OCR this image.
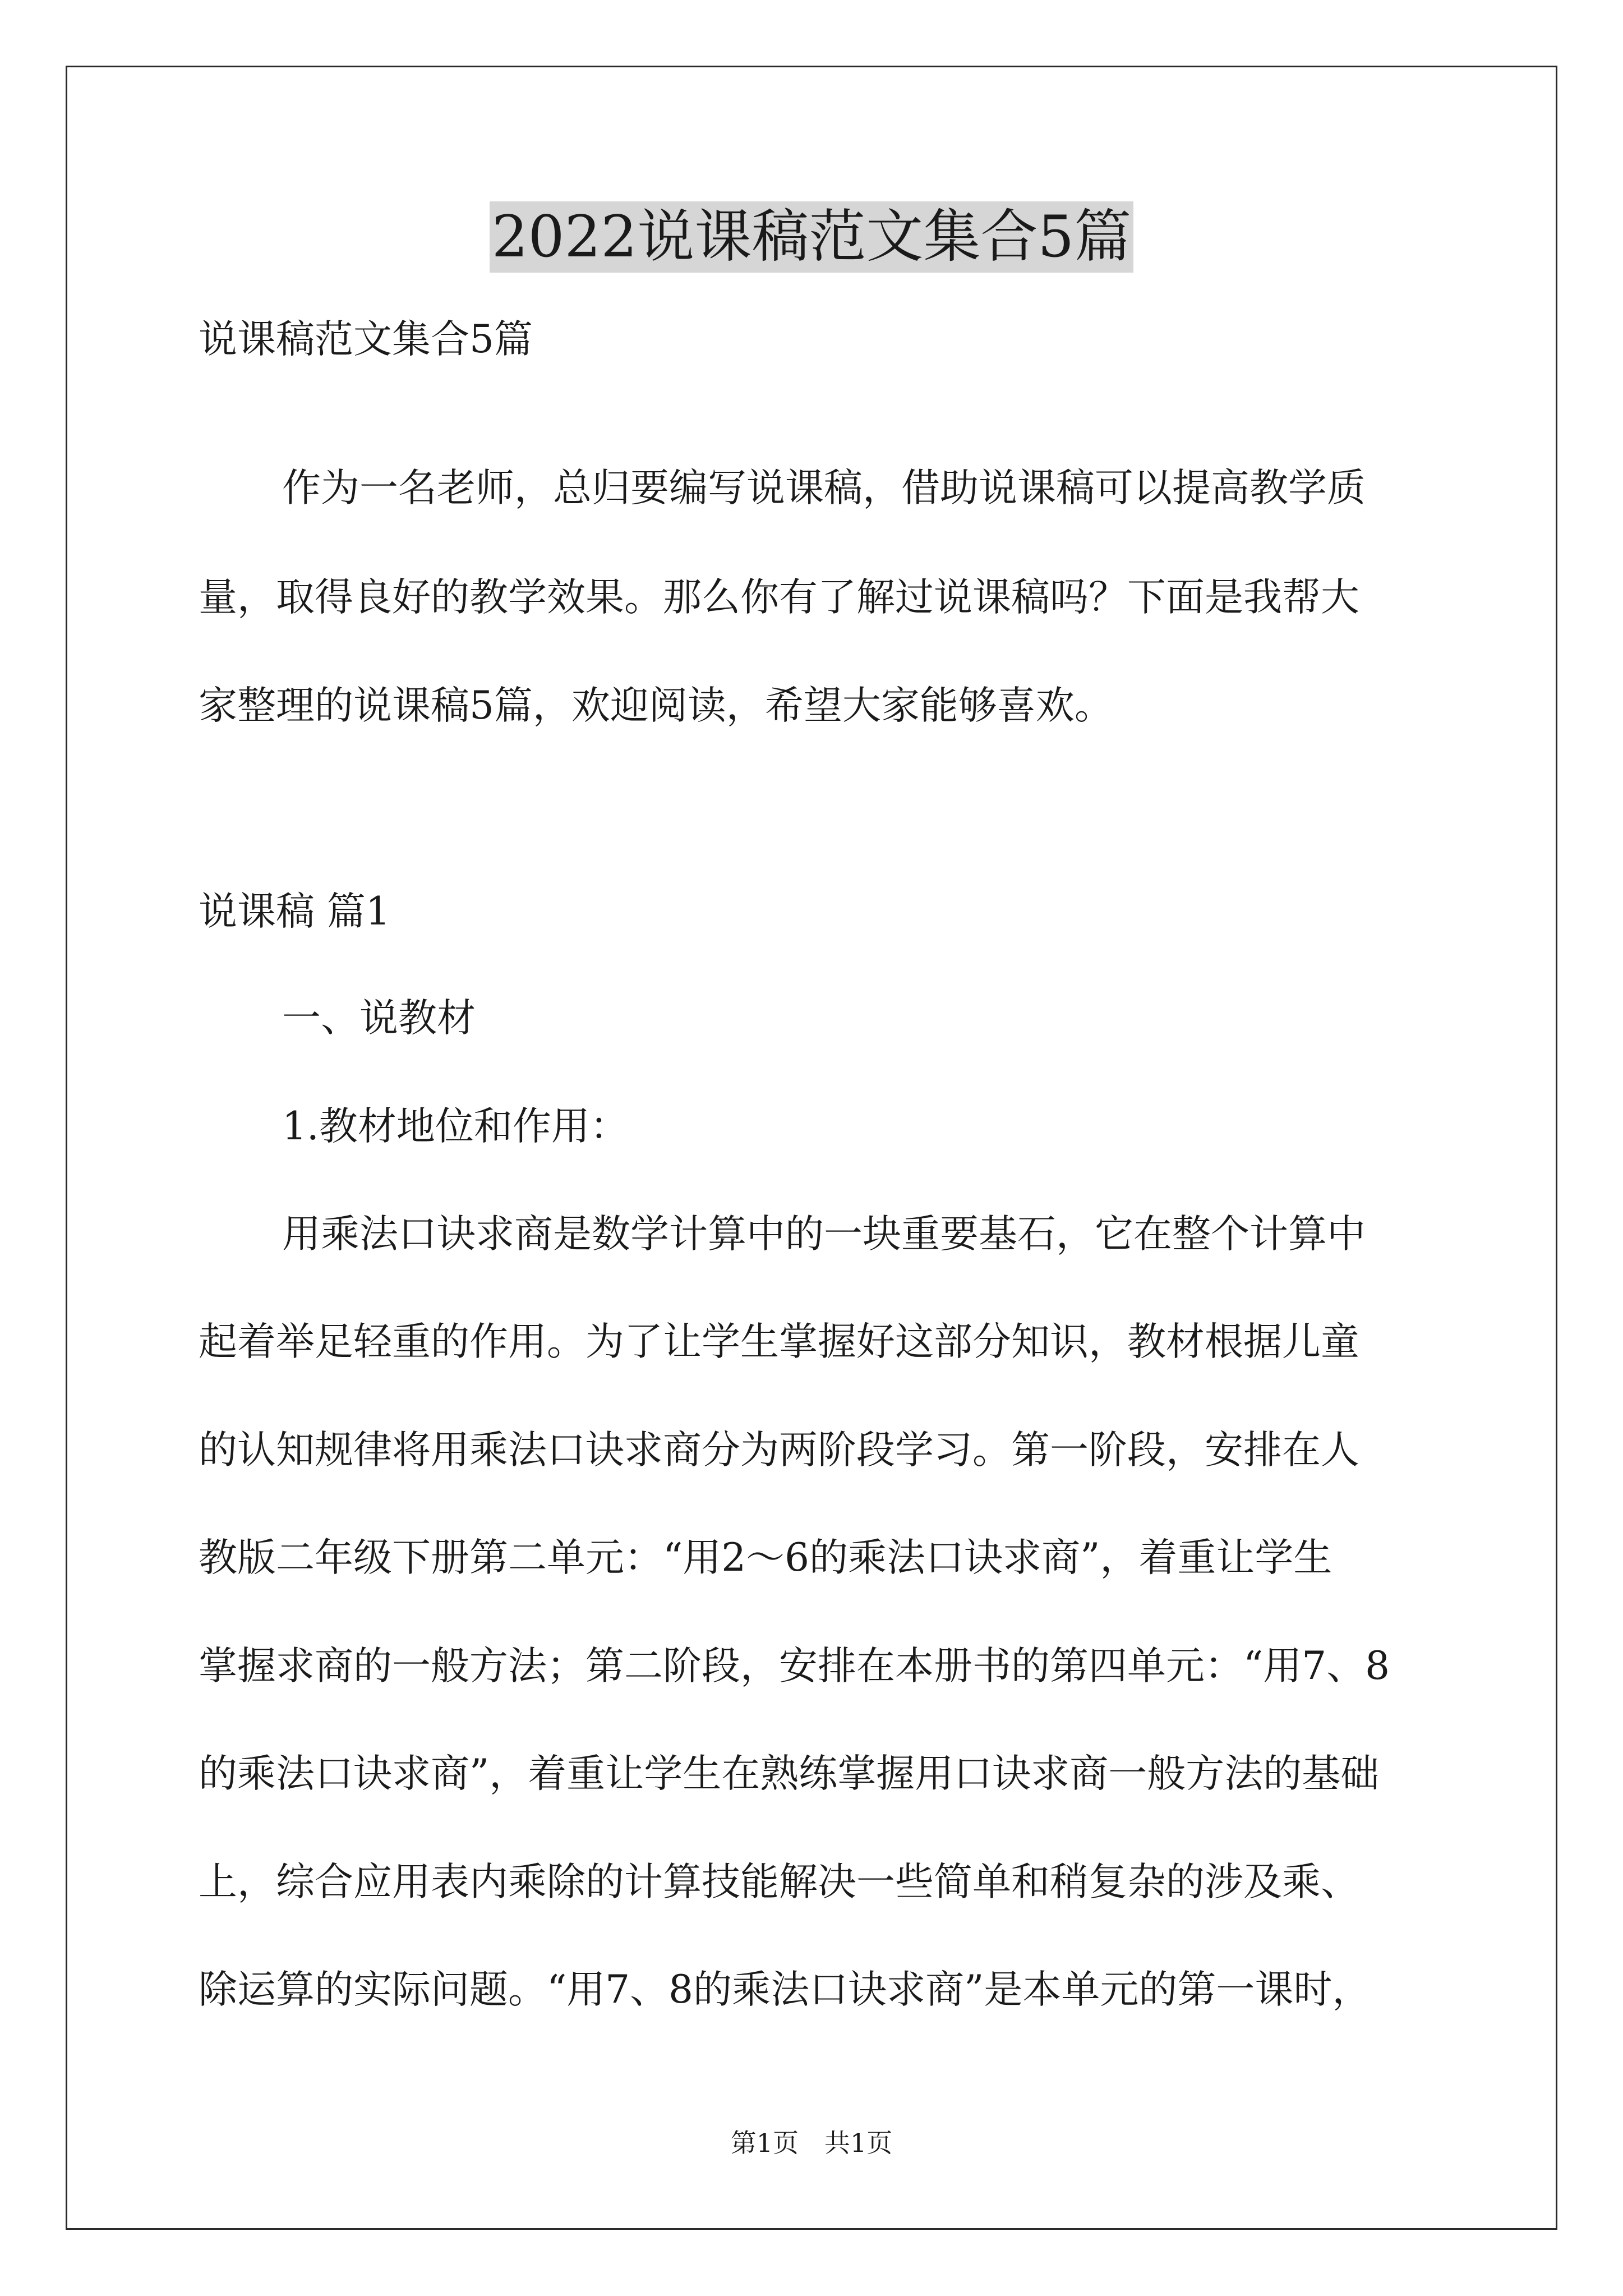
2022说课稿范文集合5篇
说课稿范文集合5篇
作为一名老师，总归要编写说课稿，借助说课稿可以提高教学质
量，取得良好的教学效果。那么你有了解过说课稿吗？下面是我帮大
家整理的说课稿5篇，欢迎阅读，希望大家能够喜欢。
说课稿 篇1
一、说教材
1.教材地位和作用：
用乘法口诀求商是数学计算中的一块重要基石，它在整个计算中
起着举足轻重的作用。为了让学生掌握好这部分知识，教材根据儿童
的认知规律将用乘法口诀求商分为两阶段学习。第一阶段，安排在人
教版二年级下册第二单元：“用2～6的乘法口诀求商”，着重让学生
掌握求商的一般方法；第二阶段，安排在本册书的第四单元：“用7、8
的乘法口诀求商”，着重让学生在熟练掌握用口诀求商一般方法的基础
上，综合应用表内乘除的计算技能解决一些简单和稍复杂的涉及乘、
除运算的实际问题。“用7、8的乘法口诀求商”是本单元的第一课时，
第1页　共1页
